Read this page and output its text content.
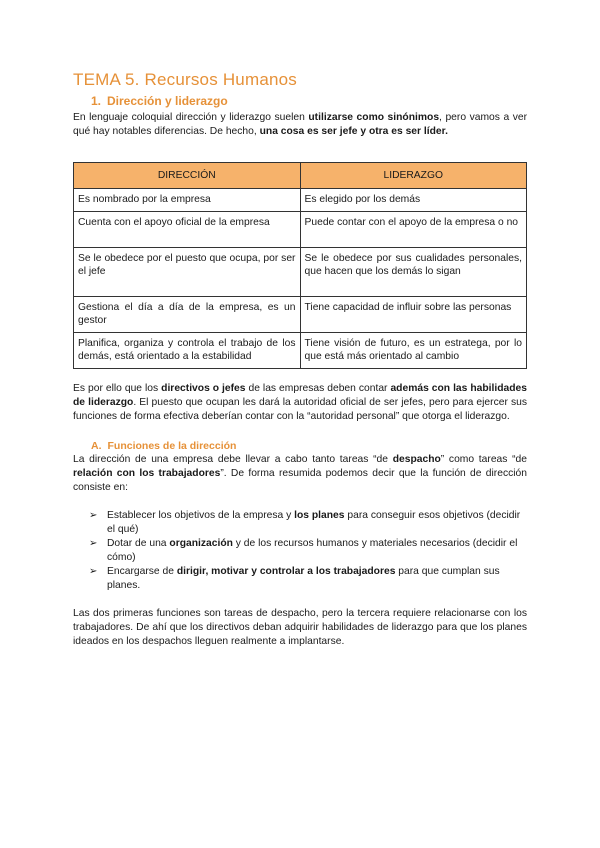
TEMA 5. Recursos Humanos
1. Dirección y liderazgo

En lenguaje coloquial dirección y liderazgo suelen utilizarse como sinónimos, pero vamos a ver qué hay notables diferencias. De hecho, una cosa es ser jefe y otra es ser líder.

DIRECCIÓN	LIDERAZGO
Es nombrado por la empresa	Es elegido por los demás
Cuenta con el apoyo oficial de la empresa	Puede contar con el apoyo de la empresa o no
Se le obedece por el puesto que ocupa, por ser el jefe	Se le obedece por sus cualidades personales, que hacen que los demás lo sigan
Gestiona el día a día de la empresa, es un gestor	Tiene capacidad de influir sobre las personas
Planifica, organiza y controla el trabajo de los demás, está orientado a la estabilidad	Tiene visión de futuro, es un estratega, por lo que está más orientado al cambio

Es por ello que los directivos o jefes de las empresas deben contar además con las habilidades de liderazgo. El puesto que ocupan les dará la autoridad oficial de ser jefes, pero para ejercer sus funciones de forma efectiva deberían contar con la “autoridad personal” que otorga el liderazgo.

A. Funciones de la dirección

La dirección de una empresa debe llevar a cabo tanto tareas “de despacho” como tareas “de relación con los trabajadores”. De forma resumida podemos decir que la función de dirección consiste en:

➢ Establecer los objetivos de la empresa y los planes para conseguir esos objetivos (decidir el qué)
➢ Dotar de una organización y de los recursos humanos y materiales necesarios (decidir el cómo)
➢ Encargarse de dirigir, motivar y controlar a los trabajadores para que cumplan sus planes.

Las dos primeras funciones son tareas de despacho, pero la tercera requiere relacionarse con los trabajadores. De ahí que los directivos deban adquirir habilidades de liderazgo para que los planes ideados en los despachos lleguen realmente a implantarse.
